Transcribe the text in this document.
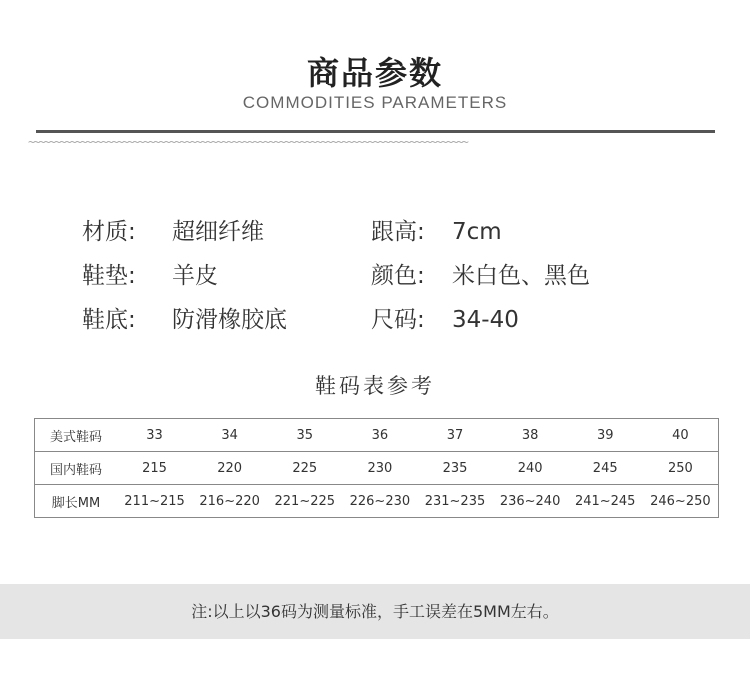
商品参数
COMMODITIES PARAMETERS
~~~~~~~~~~~~~~~~~~~~~~~~~~~~~~~~~~~~~~~~~~~~~~~~~~~~~~~~~~~~~~~~~~~~~~~~~~~~~~~~~~~~
材质: 超细纤维	跟高: 7cm
鞋垫: 羊皮	颜色: 米白色、黑色
鞋底: 防滑橡胶底	尺码: 34-40
鞋码表参考
美式鞋码	33	34	35	36	37	38	39	40
国内鞋码	215	220	225	230	235	240	245	250
脚长MM	211~215	216~220	221~225	226~230	231~235	236~240	241~245	246~250
注:以上以36码为测量标准，手工误差在5MM左右。
